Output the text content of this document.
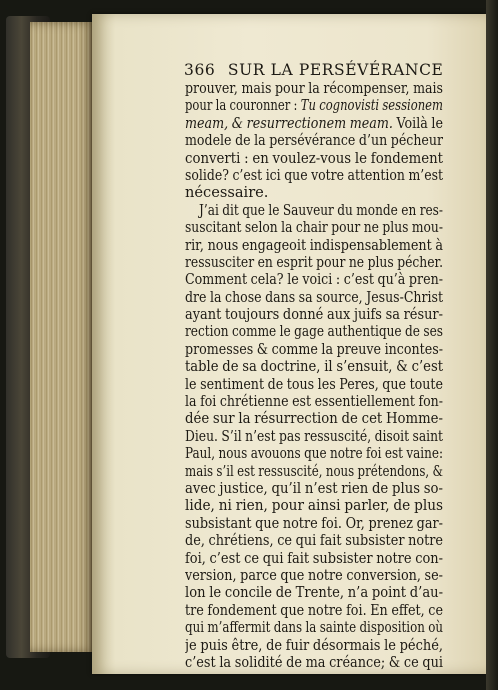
366 SUR LA PERSÉVÉRANCE
prouver, mais pour la récompenser, mais
pour la couronner : Tu cognovisti sessionem
meam, & resurrectionem meam. Voilà le
modele de la persévérance d’un pécheur
converti : en voulez-vous le fondement
solide? c’est ici que votre attention m’est
nécessaire.
J’ai dit que le Sauveur du monde en res-
suscitant selon la chair pour ne plus mou-
rir, nous engageoit indispensablement à
ressusciter en esprit pour ne plus pécher.
Comment cela? le voici : c’est qu’à pren-
dre la chose dans sa source, Jesus-Christ
ayant toujours donné aux juifs sa résur-
rection comme le gage authentique de ses
promesses & comme la preuve incontes-
table de sa doctrine, il s’ensuit, & c’est
le sentiment de tous les Peres, que toute
la foi chrétienne est essentiellement fon-
dée sur la résurrection de cet Homme-
Dieu. S’il n’est pas ressuscité, disoit saint
Paul, nous avouons que notre foi est vaine:
mais s’il est ressuscité, nous prétendons, &
avec justice, qu’il n’est rien de plus so-
lide, ni rien, pour ainsi parler, de plus
subsistant que notre foi. Or, prenez gar-
de, chrétiens, ce qui fait subsister notre
foi, c’est ce qui fait subsister notre con-
version, parce que notre conversion, se-
lon le concile de Trente, n’a point d’au-
tre fondement que notre foi. En effet, ce
qui m’affermit dans la sainte disposition où
je puis être, de fuir désormais le péché,
c’est la solidité de ma créance; & ce qui
